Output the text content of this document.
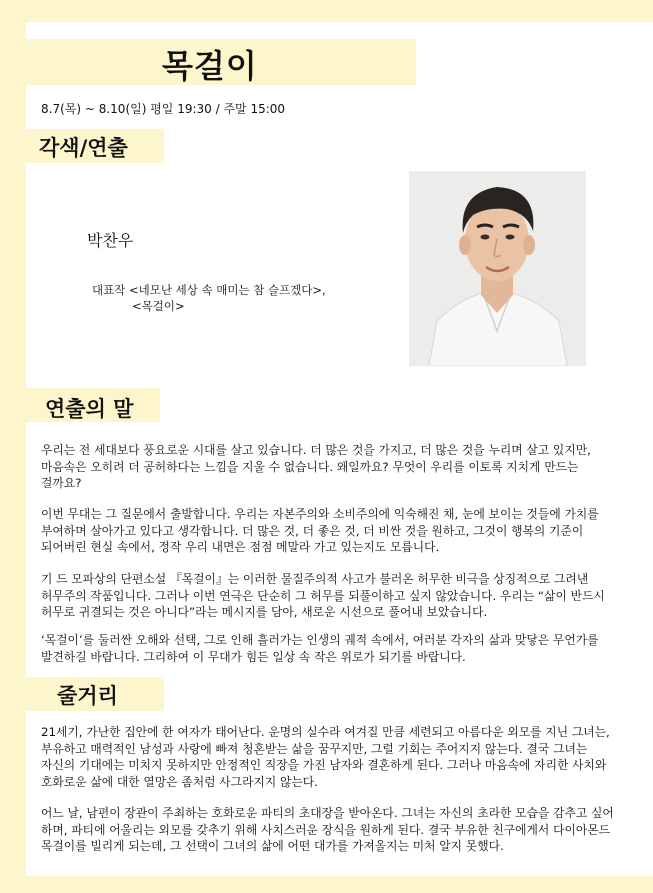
목걸이
8.7(목) ~ 8.10(일) 평일 19:30 / 주말 15:00
각색/연출
박찬우
대표작 <네모난 세상 속 매미는 참 슬프겠다>,
<목걸이>
연출의 말

우리는 전 세대보다 풍요로운 시대를 살고 있습니다. 더 많은 것을 가지고, 더 많은 것을 누리며 살고 있지만,
마음속은 오히려 더 공허하다는 느낌을 지울 수 없습니다. 왜일까요? 무엇이 우리를 이토록 지치게 만드는
걸까요?

이번 무대는 그 질문에서 출발합니다. 우리는 자본주의와 소비주의에 익숙해진 채, 눈에 보이는 것들에 가치를
부여하며 살아가고 있다고 생각합니다. 더 많은 것, 더 좋은 것, 더 비싼 것을 원하고, 그것이 행복의 기준이
되어버린 현실 속에서, 정작 우리 내면은 점점 메말라 가고 있는지도 모릅니다.

기 드 모파상의 단편소설 『목걸이』는 이러한 물질주의적 사고가 불러온 허무한 비극을 상징적으로 그려낸
허무주의 작품입니다. 그러나 이번 연극은 단순히 그 허무를 되풀이하고 싶지 않았습니다. 우리는 “삶이 반드시
허무로 귀결되는 것은 아니다”라는 메시지를 담아, 새로운 시선으로 풀어내 보았습니다.

‘목걸이’를 둘러싼 오해와 선택, 그로 인해 흘러가는 인생의 궤적 속에서, 여러분 각자의 삶과 맞닿은 무언가를
발견하길 바랍니다. 그리하여 이 무대가 힘든 일상 속 작은 위로가 되기를 바랍니다.

줄거리

21세기, 가난한 집안에 한 여자가 태어난다. 운명의 실수라 여겨질 만큼 세련되고 아름다운 외모를 지닌 그녀는,
부유하고 매력적인 남성과 사랑에 빠져 청혼받는 삶을 꿈꾸지만, 그럴 기회는 주어지지 않는다. 결국 그녀는
자신의 기대에는 미치지 못하지만 안정적인 직장을 가진 남자와 결혼하게 된다. 그러나 마음속에 자리한 사치와
호화로운 삶에 대한 열망은 좀처럼 사그라지지 않는다.

어느 날, 남편이 장관이 주최하는 호화로운 파티의 초대장을 받아온다. 그녀는 자신의 초라한 모습을 감추고 싶어
하며, 파티에 어울리는 외모를 갖추기 위해 사치스러운 장식을 원하게 된다. 결국 부유한 친구에게서 다이아몬드
목걸이를 빌리게 되는데, 그 선택이 그녀의 삶에 어떤 대가를 가져올지는 미처 알지 못했다.
